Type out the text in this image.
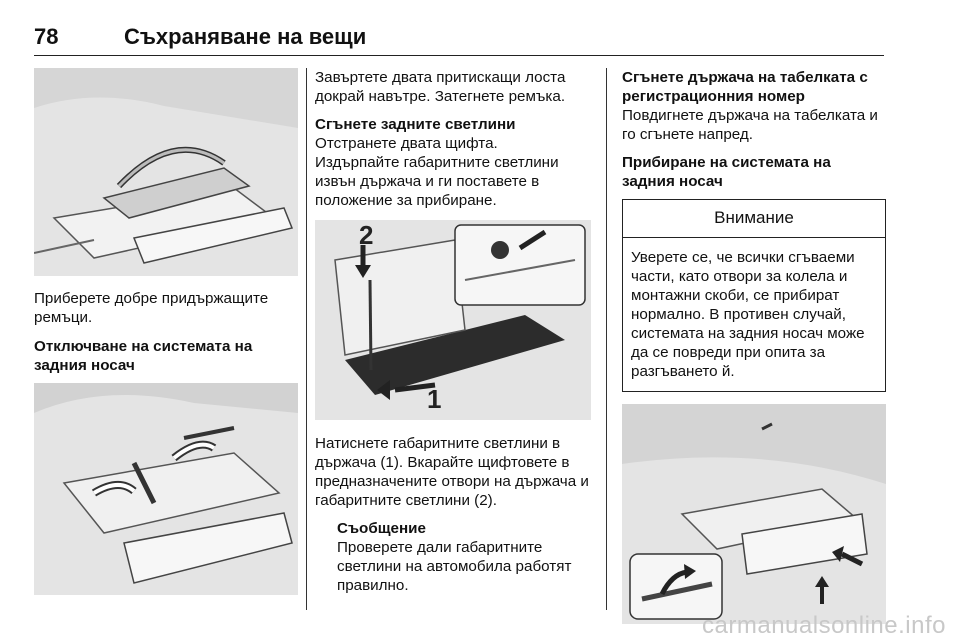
78	Съхраняване на вещи

Приберете добре придържащите ремъци.

Отключване на системата на задния носач

Завъртете двата притискащи лоста докрай навътре. Затегнете ремъка.

Сгънете задните светлини

Отстранете двата щифта.

Издърпайте габаритните светлини извън държача и ги поставете в положение за прибиране.

2
1

Натиснете габаритните светлини в държача (1). Вкарайте щифтовете в предназначените отвори на държача и габаритните светлини (2).

Съобщение

Проверете дали габаритните светлини на автомобила работят правилно.

Сгънете държача на табелката с регистрационния номер

Повдигнете държача на табелката и го сгънете напред.

Прибиране на системата на задния носач

Внимание
Уверете се, че всички сгъваеми части, като отвори за колела и монтажни скоби, се прибират нормално. В противен случай, системата на задния носач може да се повреди при опита за разгъването й.
carmanualsonline.info
